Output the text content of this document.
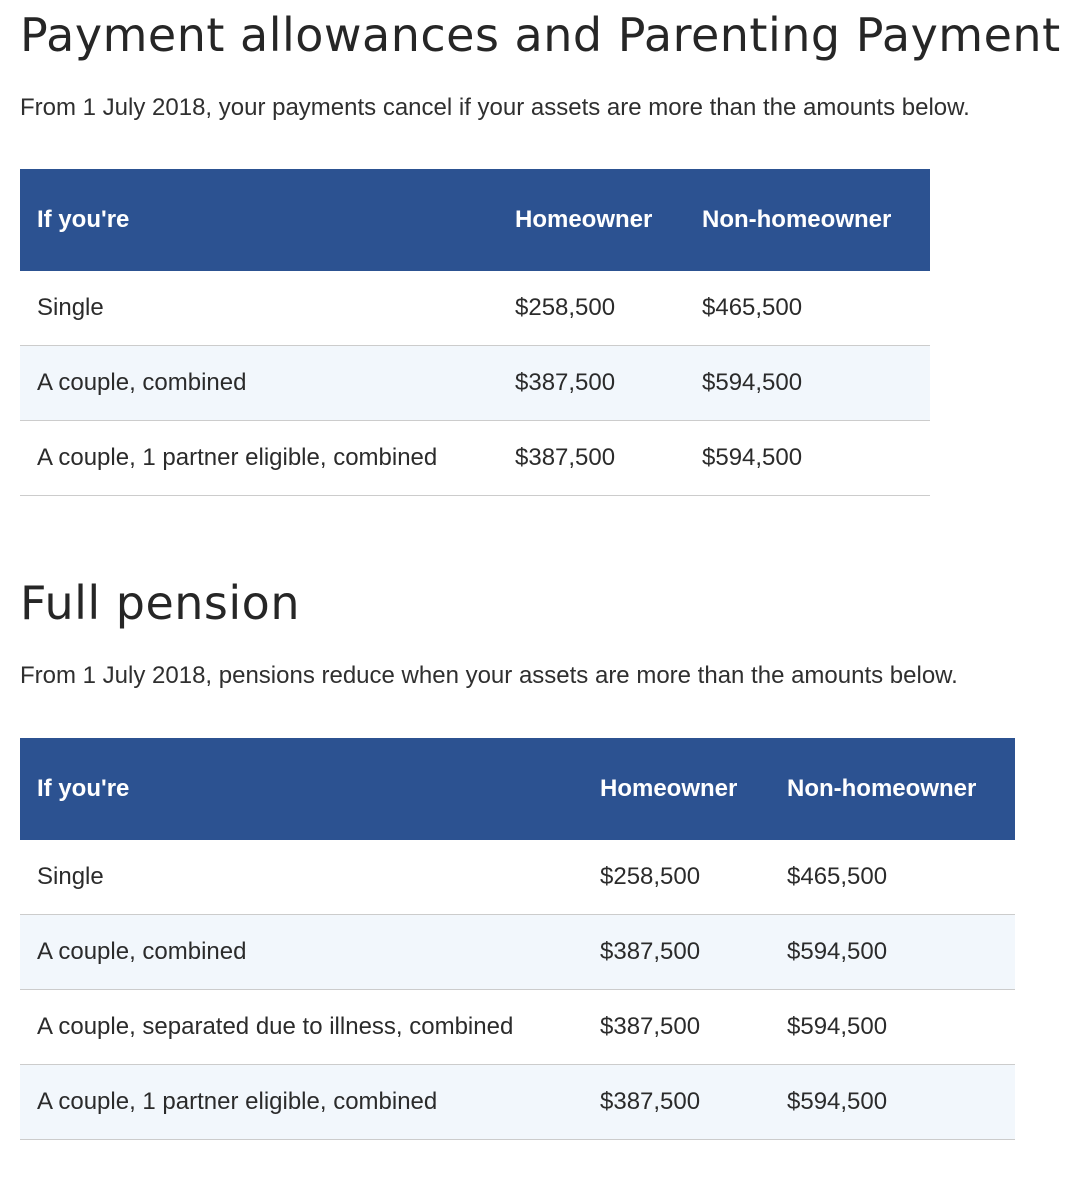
Payment allowances and Parenting Payment

From 1 July 2018, your payments cancel if your assets are more than the amounts below.

If you're	Homeowner	Non-homeowner
Single	$258,500	$465,500
A couple, combined	$387,500	$594,500
A couple, 1 partner eligible, combined	$387,500	$594,500
Full pension

From 1 July 2018, pensions reduce when your assets are more than the amounts below.

If you're	Homeowner	Non-homeowner
Single	$258,500	$465,500
A couple, combined	$387,500	$594,500
A couple, separated due to illness, combined	$387,500	$594,500
A couple, 1 partner eligible, combined	$387,500	$594,500
